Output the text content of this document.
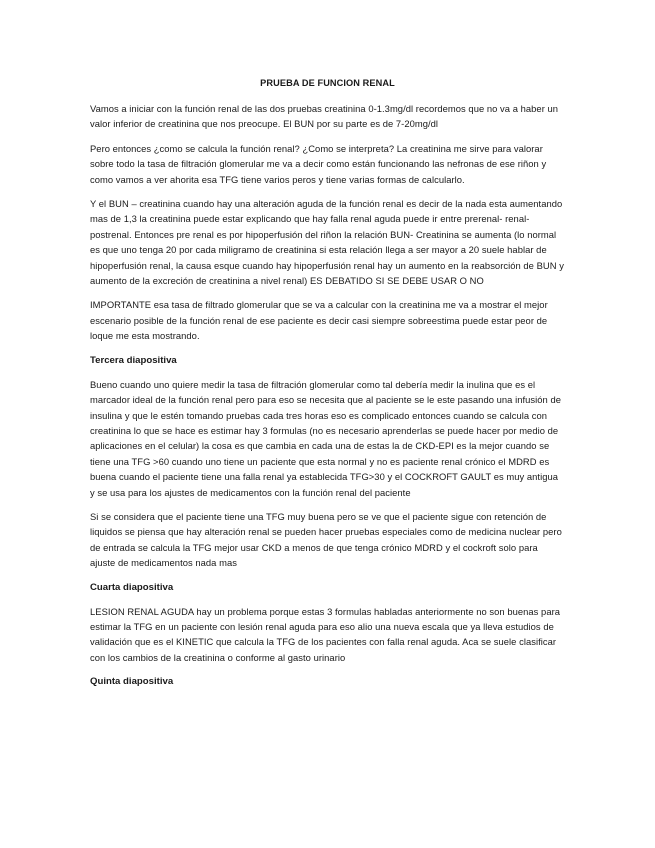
PRUEBA DE FUNCION RENAL

Vamos a iniciar con la función renal de las dos pruebas creatinina 0-1.3mg/dl recordemos que no va a haber un valor inferior de creatinina que nos preocupe. El BUN por su parte es de 7-20mg/dl

Pero entonces ¿como se calcula la función renal? ¿Como se interpreta? La creatinina me sirve para valorar sobre todo la tasa de filtración glomerular me va a decir como están funcionando las nefronas de ese riñon y como vamos a ver ahorita esa TFG tiene varios peros y tiene varias formas de calcularlo.

Y el BUN – creatinina cuando hay una alteración aguda de la función renal es decir de la nada esta aumentando mas de 1,3 la creatinina puede estar explicando que hay falla renal aguda puede ir entre prerenal- renal- postrenal. Entonces pre renal es por hipoperfusión del riñon la relación BUN- Creatinina se aumenta (lo normal es que uno tenga 20 por cada miligramo de creatinina si esta relación llega a ser mayor a 20 suele hablar de hipoperfusión renal, la causa esque cuando hay hipoperfusión renal hay un aumento en la reabsorción de BUN y aumento de la excreción de creatinina a nivel renal) ES DEBATIDO SI SE DEBE USAR O NO

IMPORTANTE esa tasa de filtrado glomerular que se va a calcular con la creatinina me va a mostrar el mejor escenario posible de la función renal de ese paciente es decir casi siempre sobreestima puede estar peor de loque me esta mostrando.

Tercera diapositiva

Bueno cuando uno quiere medir la tasa de filtración glomerular como tal debería medir la inulina que es el marcador ideal de la función renal pero para eso se necesita que al paciente se le este pasando una infusión de insulina y que le estén tomando pruebas cada tres horas eso es complicado entonces cuando se calcula con creatinina lo que se hace es estimar hay 3 formulas (no es necesario aprenderlas se puede hacer por medio de aplicaciones en el celular) la cosa es que cambia en cada una de estas la de CKD-EPI es la mejor cuando se tiene una TFG >60 cuando uno tiene un paciente que esta normal y no es paciente renal crónico el MDRD es buena cuando el paciente tiene una falla renal ya establecida TFG>30 y el COCKROFT GAULT es muy antigua y se usa para los ajustes de medicamentos con la función renal del paciente

Si se considera que el paciente tiene una TFG muy buena pero se ve que el paciente sigue con retención de liquidos se piensa que hay alteración renal se pueden hacer pruebas especiales como de medicina nuclear pero de entrada se calcula la TFG mejor usar CKD a menos de que tenga crónico MDRD y el cockroft solo para ajuste de medicamentos nada mas

Cuarta diapositiva

LESION RENAL AGUDA hay un problema porque estas 3 formulas habladas anteriormente no son buenas para estimar la TFG en un paciente con lesión renal aguda para eso alio una nueva escala que ya lleva estudios de validación que es el KINETIC que calcula la TFG de los pacientes con falla renal aguda. Aca se suele clasificar con los cambios de la creatinina o conforme al gasto urinario

Quinta diapositiva
